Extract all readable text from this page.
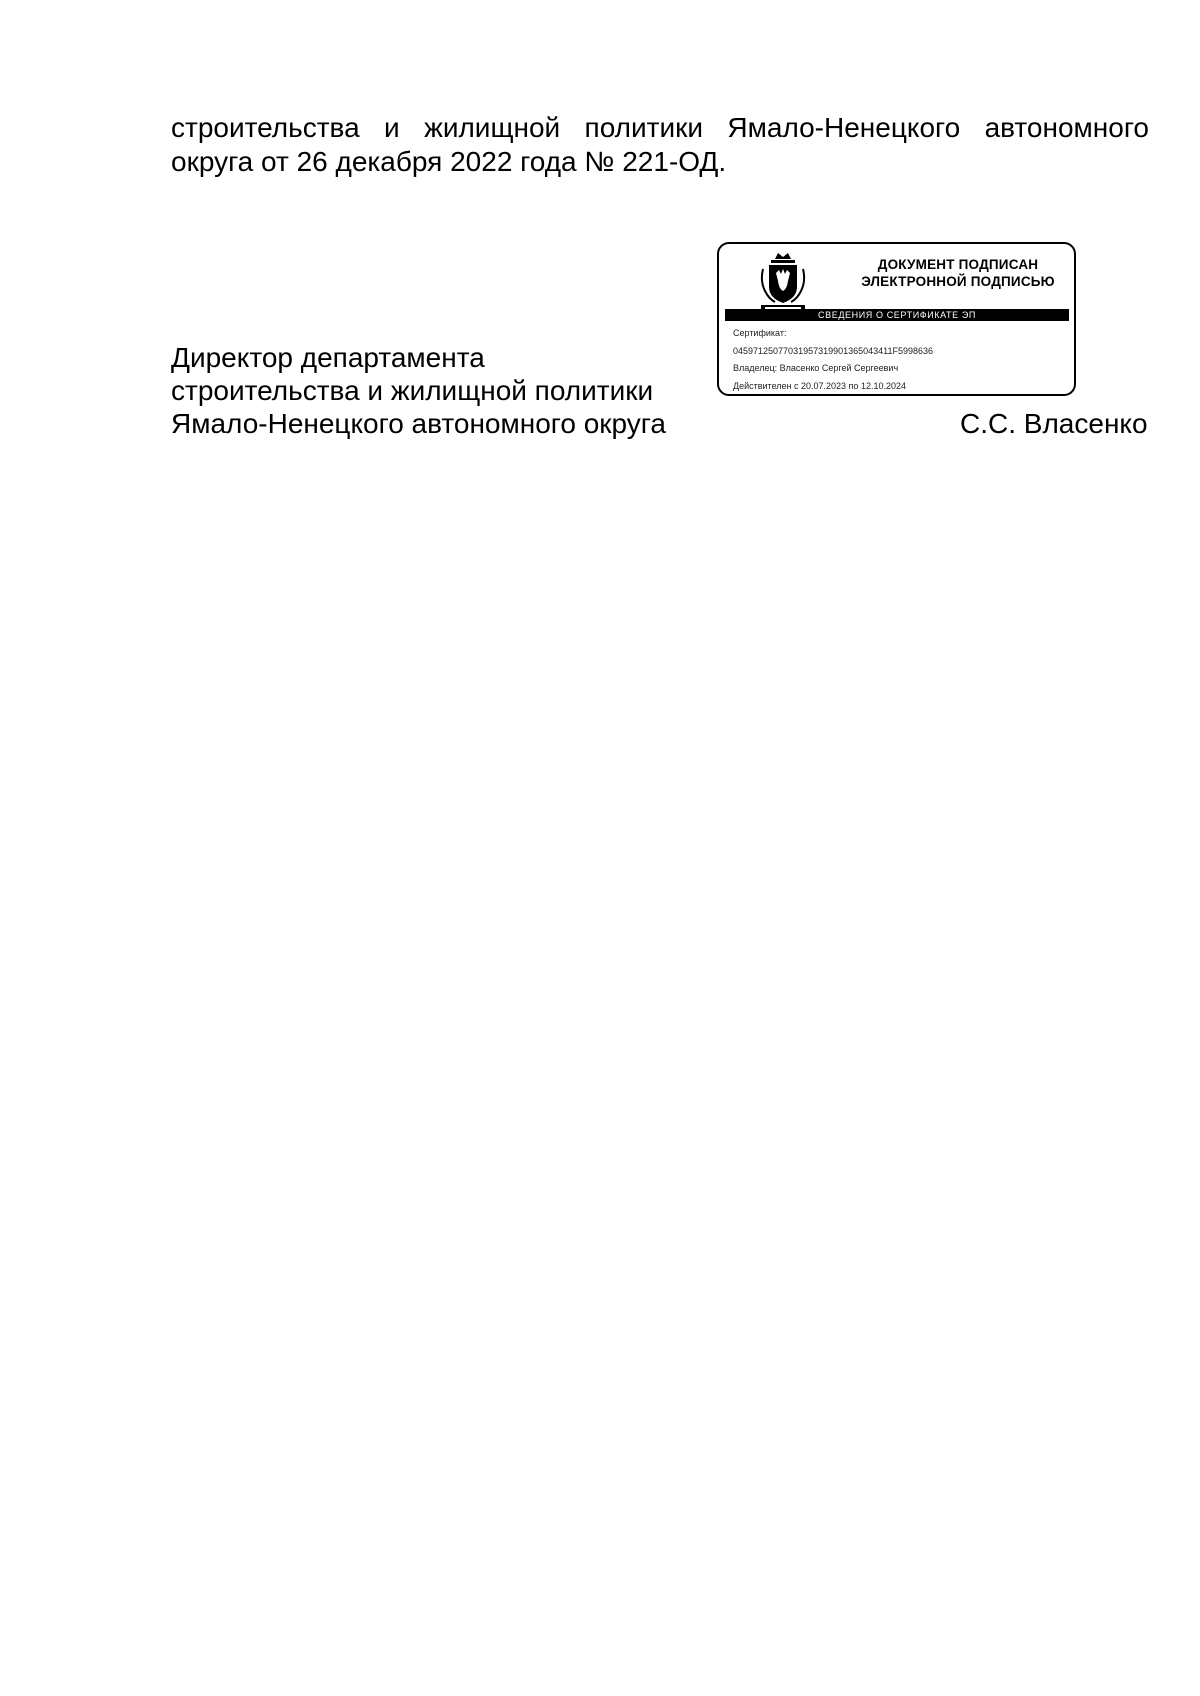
строительства и жилищной политики Ямало-Ненецкого автономного округа от 26 декабря 2022 года № 221-ОД.
Директор департамента
строительства и жилищной политики
Ямало-Ненецкого автономного округа	С.С. Власенко
ДОКУМЕНТ ПОДПИСАН
ЭЛЕКТРОННОЙ ПОДПИСЬЮ
СВЕДЕНИЯ О СЕРТИФИКАТЕ ЭП
Сертификат:
04597125077031957319901365043411F5998636
Владелец: Власенко Сергей Сергеевич
Действителен с 20.07.2023 по 12.10.2024
